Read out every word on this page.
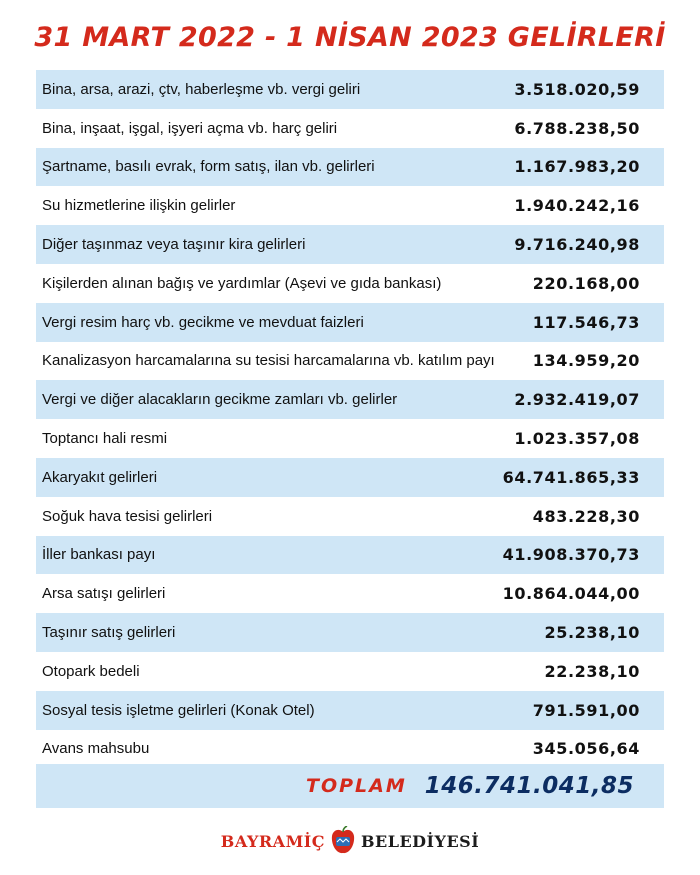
31 MART 2022 - 1 NİSAN 2023 GELİRLERİ
Bina, arsa, arazi, çtv, haberleşme vb. vergi geliri	3.518.020,59
Bina, inşaat, işgal, işyeri açma vb. harç geliri	6.788.238,50
Şartname, basılı evrak, form satış, ilan vb. gelirleri	1.167.983,20
Su hizmetlerine ilişkin gelirler	1.940.242,16
Diğer taşınmaz veya taşınır kira gelirleri	9.716.240,98
Kişilerden alınan bağış ve yardımlar (Aşevi ve gıda bankası)	220.168,00
Vergi resim harç vb. gecikme ve mevduat faizleri	117.546,73
Kanalizasyon harcamalarına su tesisi harcamalarına vb. katılım payı 134.959,20
Vergi ve diğer alacakların gecikme zamları vb. gelirler	2.932.419,07
Toptancı hali resmi	1.023.357,08
Akaryakıt gelirleri	64.741.865,33
Soğuk hava tesisi gelirleri	483.228,30
İller bankası payı	41.908.370,73
Arsa satışı gelirleri	10.864.044,00
Taşınır satış gelirleri	25.238,10
Otopark bedeli	22.238,10
Sosyal tesis işletme gelirleri (Konak Otel)	791.591,00
Avans mahsubu	345.056,64
TOPLAM 146.741.041,85
BAYRAMİÇ BELEDİYESİ
